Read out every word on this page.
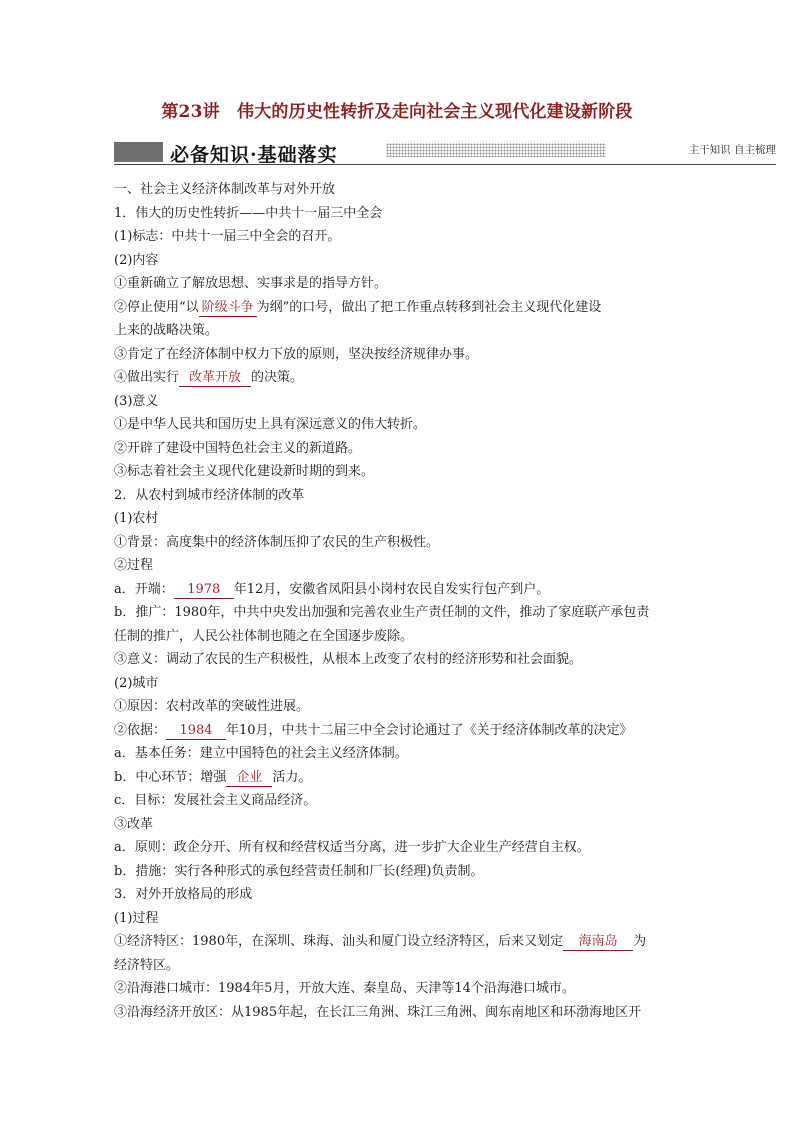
第23讲　伟大的历史性转折及走向社会主义现代化建设新阶段
必备知识·基础落实	主干知识 自主梳理
一、社会主义经济体制改革与对外开放
1．伟大的历史性转折——中共十一届三中全会
(1)标志：中共十一届三中全会的召开。
(2)内容
①重新确立了解放思想、实事求是的指导方针。
②停止使用“以 阶级斗争 为纲”的口号，做出了把工作重点转移到社会主义现代化建设
上来的战略决策。
③肯定了在经济体制中权力下放的原则，坚决按经济规律办事。
④做出实行 改革开放 的决策。
(3)意义
①是中华人民共和国历史上具有深远意义的伟大转折。
②开辟了建设中国特色社会主义的新道路。
③标志着社会主义现代化建设新时期的到来。
2．从农村到城市经济体制的改革
(1)农村
①背景：高度集中的经济体制压抑了农民的生产积极性。
②过程
a．开端： 1978 年12月，安徽省凤阳县小岗村农民自发实行包产到户。
b．推广：1980年，中共中央发出加强和完善农业生产责任制的文件，推动了家庭联产承包责
任制的推广，人民公社体制也随之在全国逐步废除。
③意义：调动了农民的生产积极性，从根本上改变了农村的经济形势和社会面貌。
(2)城市
①原因：农村改革的突破性进展。
②依据： 1984 年10月，中共十二届三中全会讨论通过了《关于经济体制改革的决定》
a．基本任务：建立中国特色的社会主义经济体制。
b．中心环节：增强 企业 活力。
c．目标：发展社会主义商品经济。
③改革
a．原则：政企分开、所有权和经营权适当分离，进一步扩大企业生产经营自主权。
b．措施：实行各种形式的承包经营责任制和厂长(经理)负责制。
3．对外开放格局的形成
(1)过程
①经济特区：1980年，在深圳、珠海、汕头和厦门设立经济特区，后来又划定 海南岛 为
经济特区。
②沿海港口城市：1984年5月，开放大连、秦皇岛、天津等14个沿海港口城市。
③沿海经济开放区：从1985年起，在长江三角洲、珠江三角洲、闽东南地区和环渤海地区开
